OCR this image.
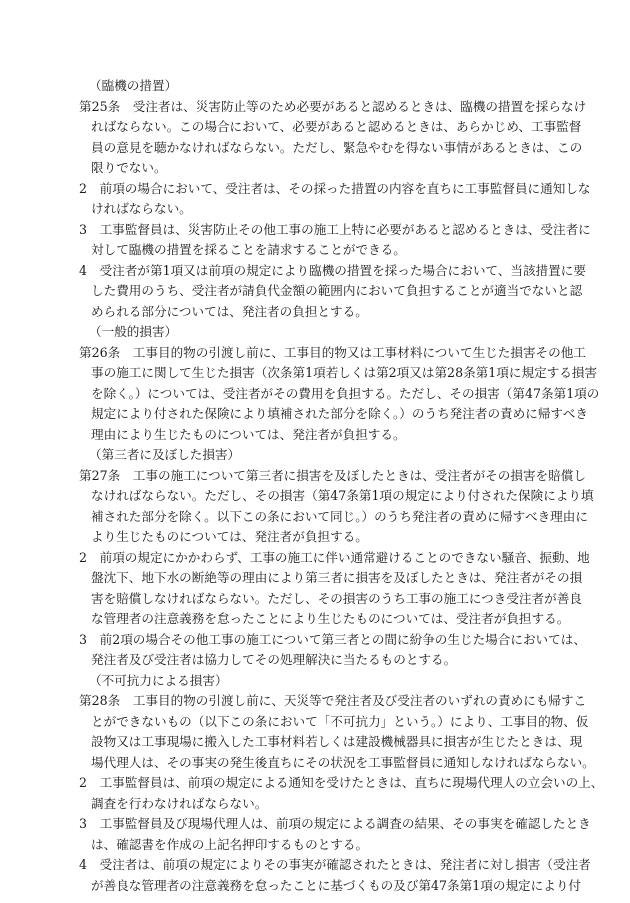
（臨機の措置）
第25条　受注者は、災害防止等のため必要があると認めるときは、臨機の措置を採らなけ
ればならない。この場合において、必要があると認めるときは、あらかじめ、工事監督
員の意見を聴かなければならない。ただし、緊急やむを得ない事情があるときは、この
限りでない。
2　前項の場合において、受注者は、その採った措置の内容を直ちに工事監督員に通知しな
ければならない。
3　工事監督員は、災害防止その他工事の施工上特に必要があると認めるときは、受注者に
対して臨機の措置を採ることを請求することができる。
4　受注者が第1項又は前項の規定により臨機の措置を採った場合において、当該措置に要
した費用のうち、受注者が請負代金額の範囲内において負担することが適当でないと認
められる部分については、発注者の負担とする。
（一般的損害）
第26条　工事目的物の引渡し前に、工事目的物又は工事材料について生じた損害その他工
事の施工に関して生じた損害（次条第1項若しくは第2項又は第28条第1項に規定する損害
を除く。）については、受注者がその費用を負担する。ただし、その損害（第47条第1項の
規定により付された保険により填補された部分を除く。）のうち発注者の責めに帰すべき
理由により生じたものについては、発注者が負担する。
（第三者に及ぼした損害）
第27条　工事の施工について第三者に損害を及ぼしたときは、受注者がその損害を賠償し
なければならない。ただし、その損害（第47条第1項の規定により付された保険により填
補された部分を除く。以下この条において同じ。）のうち発注者の責めに帰すべき理由に
より生じたものについては、発注者が負担する。
2　前項の規定にかかわらず、工事の施工に伴い通常避けることのできない騒音、振動、地
盤沈下、地下水の断絶等の理由により第三者に損害を及ぼしたときは、発注者がその損
害を賠償しなければならない。ただし、その損害のうち工事の施工につき受注者が善良
な管理者の注意義務を怠ったことにより生じたものについては、受注者が負担する。
3　前2項の場合その他工事の施工について第三者との間に紛争の生じた場合においては、
発注者及び受注者は協力してその処理解決に当たるものとする。
（不可抗力による損害）
第28条　工事目的物の引渡し前に、天災等で発注者及び受注者のいずれの責めにも帰すこ
とができないもの（以下この条において「不可抗力」という。）により、工事目的物、仮
設物又は工事現場に搬入した工事材料若しくは建設機械器具に損害が生じたときは、現
場代理人は、その事実の発生後直ちにその状況を工事監督員に通知しなければならない。
2　工事監督員は、前項の規定による通知を受けたときは、直ちに現場代理人の立会いの上、
調査を行わなければならない。
3　工事監督員及び現場代理人は、前項の規定による調査の結果、その事実を確認したとき
は、確認書を作成の上記名押印するものとする。
4　受注者は、前項の規定によりその事実が確認されたときは、発注者に対し損害（受注者
が善良な管理者の注意義務を怠ったことに基づくもの及び第47条第1項の規定により付
